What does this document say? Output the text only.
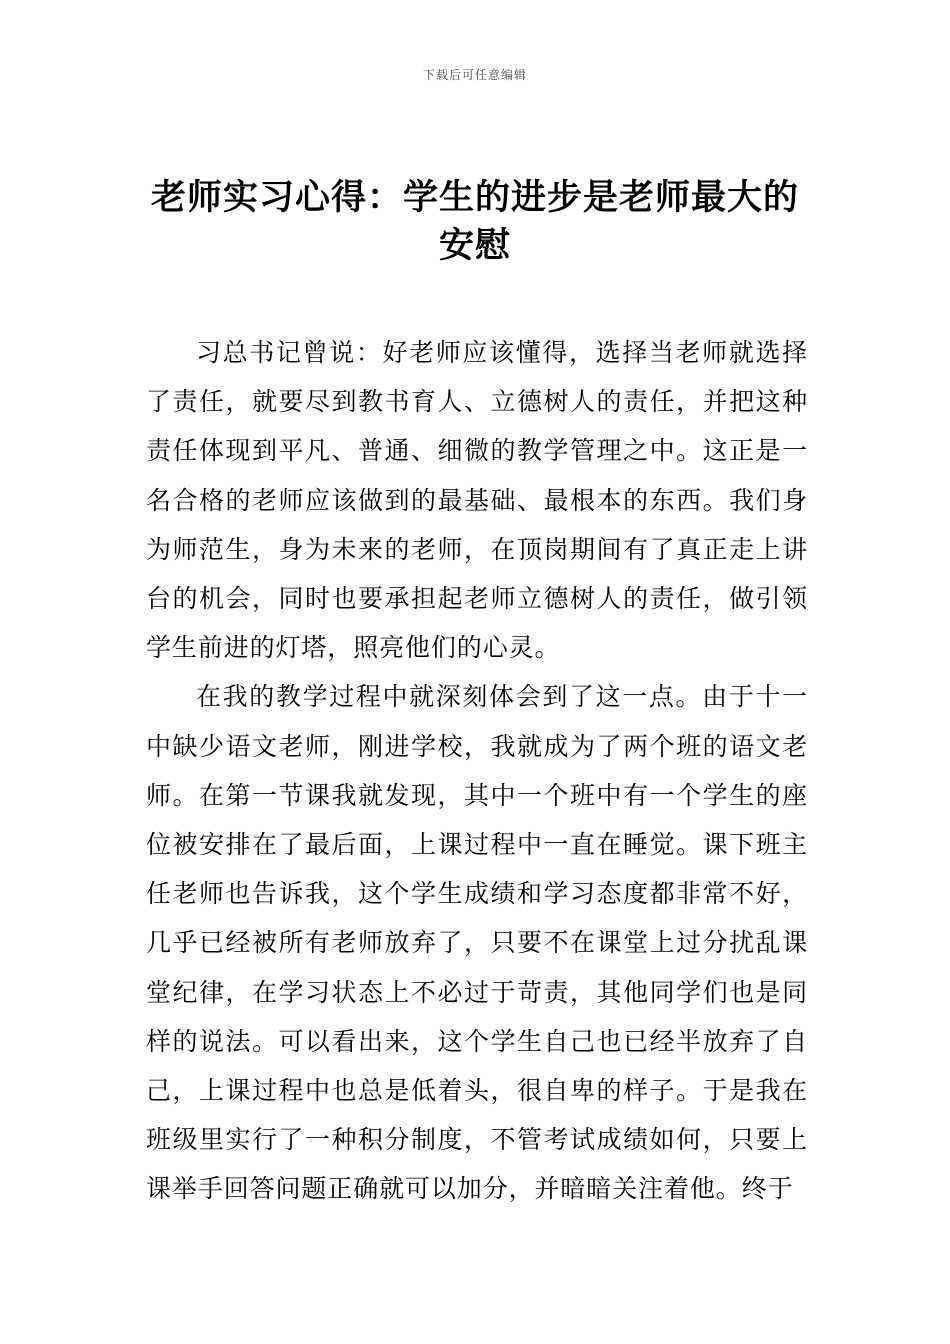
下载后可任意编辑
老师实习心得：学生的进步是老师最大的
安慰

习总书记曾说：好老师应该懂得，选择当老师就选择了责任，就要尽到教书育人、立德树人的责任，并把这种责任体现到平凡、普通、细微的教学管理之中。这正是一名合格的老师应该做到的最基础、最根本的东西。我们身为师范生，身为未来的老师，在顶岗期间有了真正走上讲台的机会，同时也要承担起老师立德树人的责任，做引领学生前进的灯塔，照亮他们的心灵。

在我的教学过程中就深刻体会到了这一点。由于十一中缺少语文老师，刚进学校，我就成为了两个班的语文老师。在第一节课我就发现，其中一个班中有一个学生的座位被安排在了最后面，上课过程中一直在睡觉。课下班主任老师也告诉我，这个学生成绩和学习态度都非常不好，几乎已经被所有老师放弃了，只要不在课堂上过分扰乱课堂纪律，在学习状态上不必过于苛责，其他同学们也是同样的说法。可以看出来，这个学生自己也已经半放弃了自己，上课过程中也总是低着头，很自卑的样子。于是我在班级里实行了一种积分制度，不管考试成绩如何，只要上课举手回答问题正确就可以加分，并暗暗关注着他。终于
